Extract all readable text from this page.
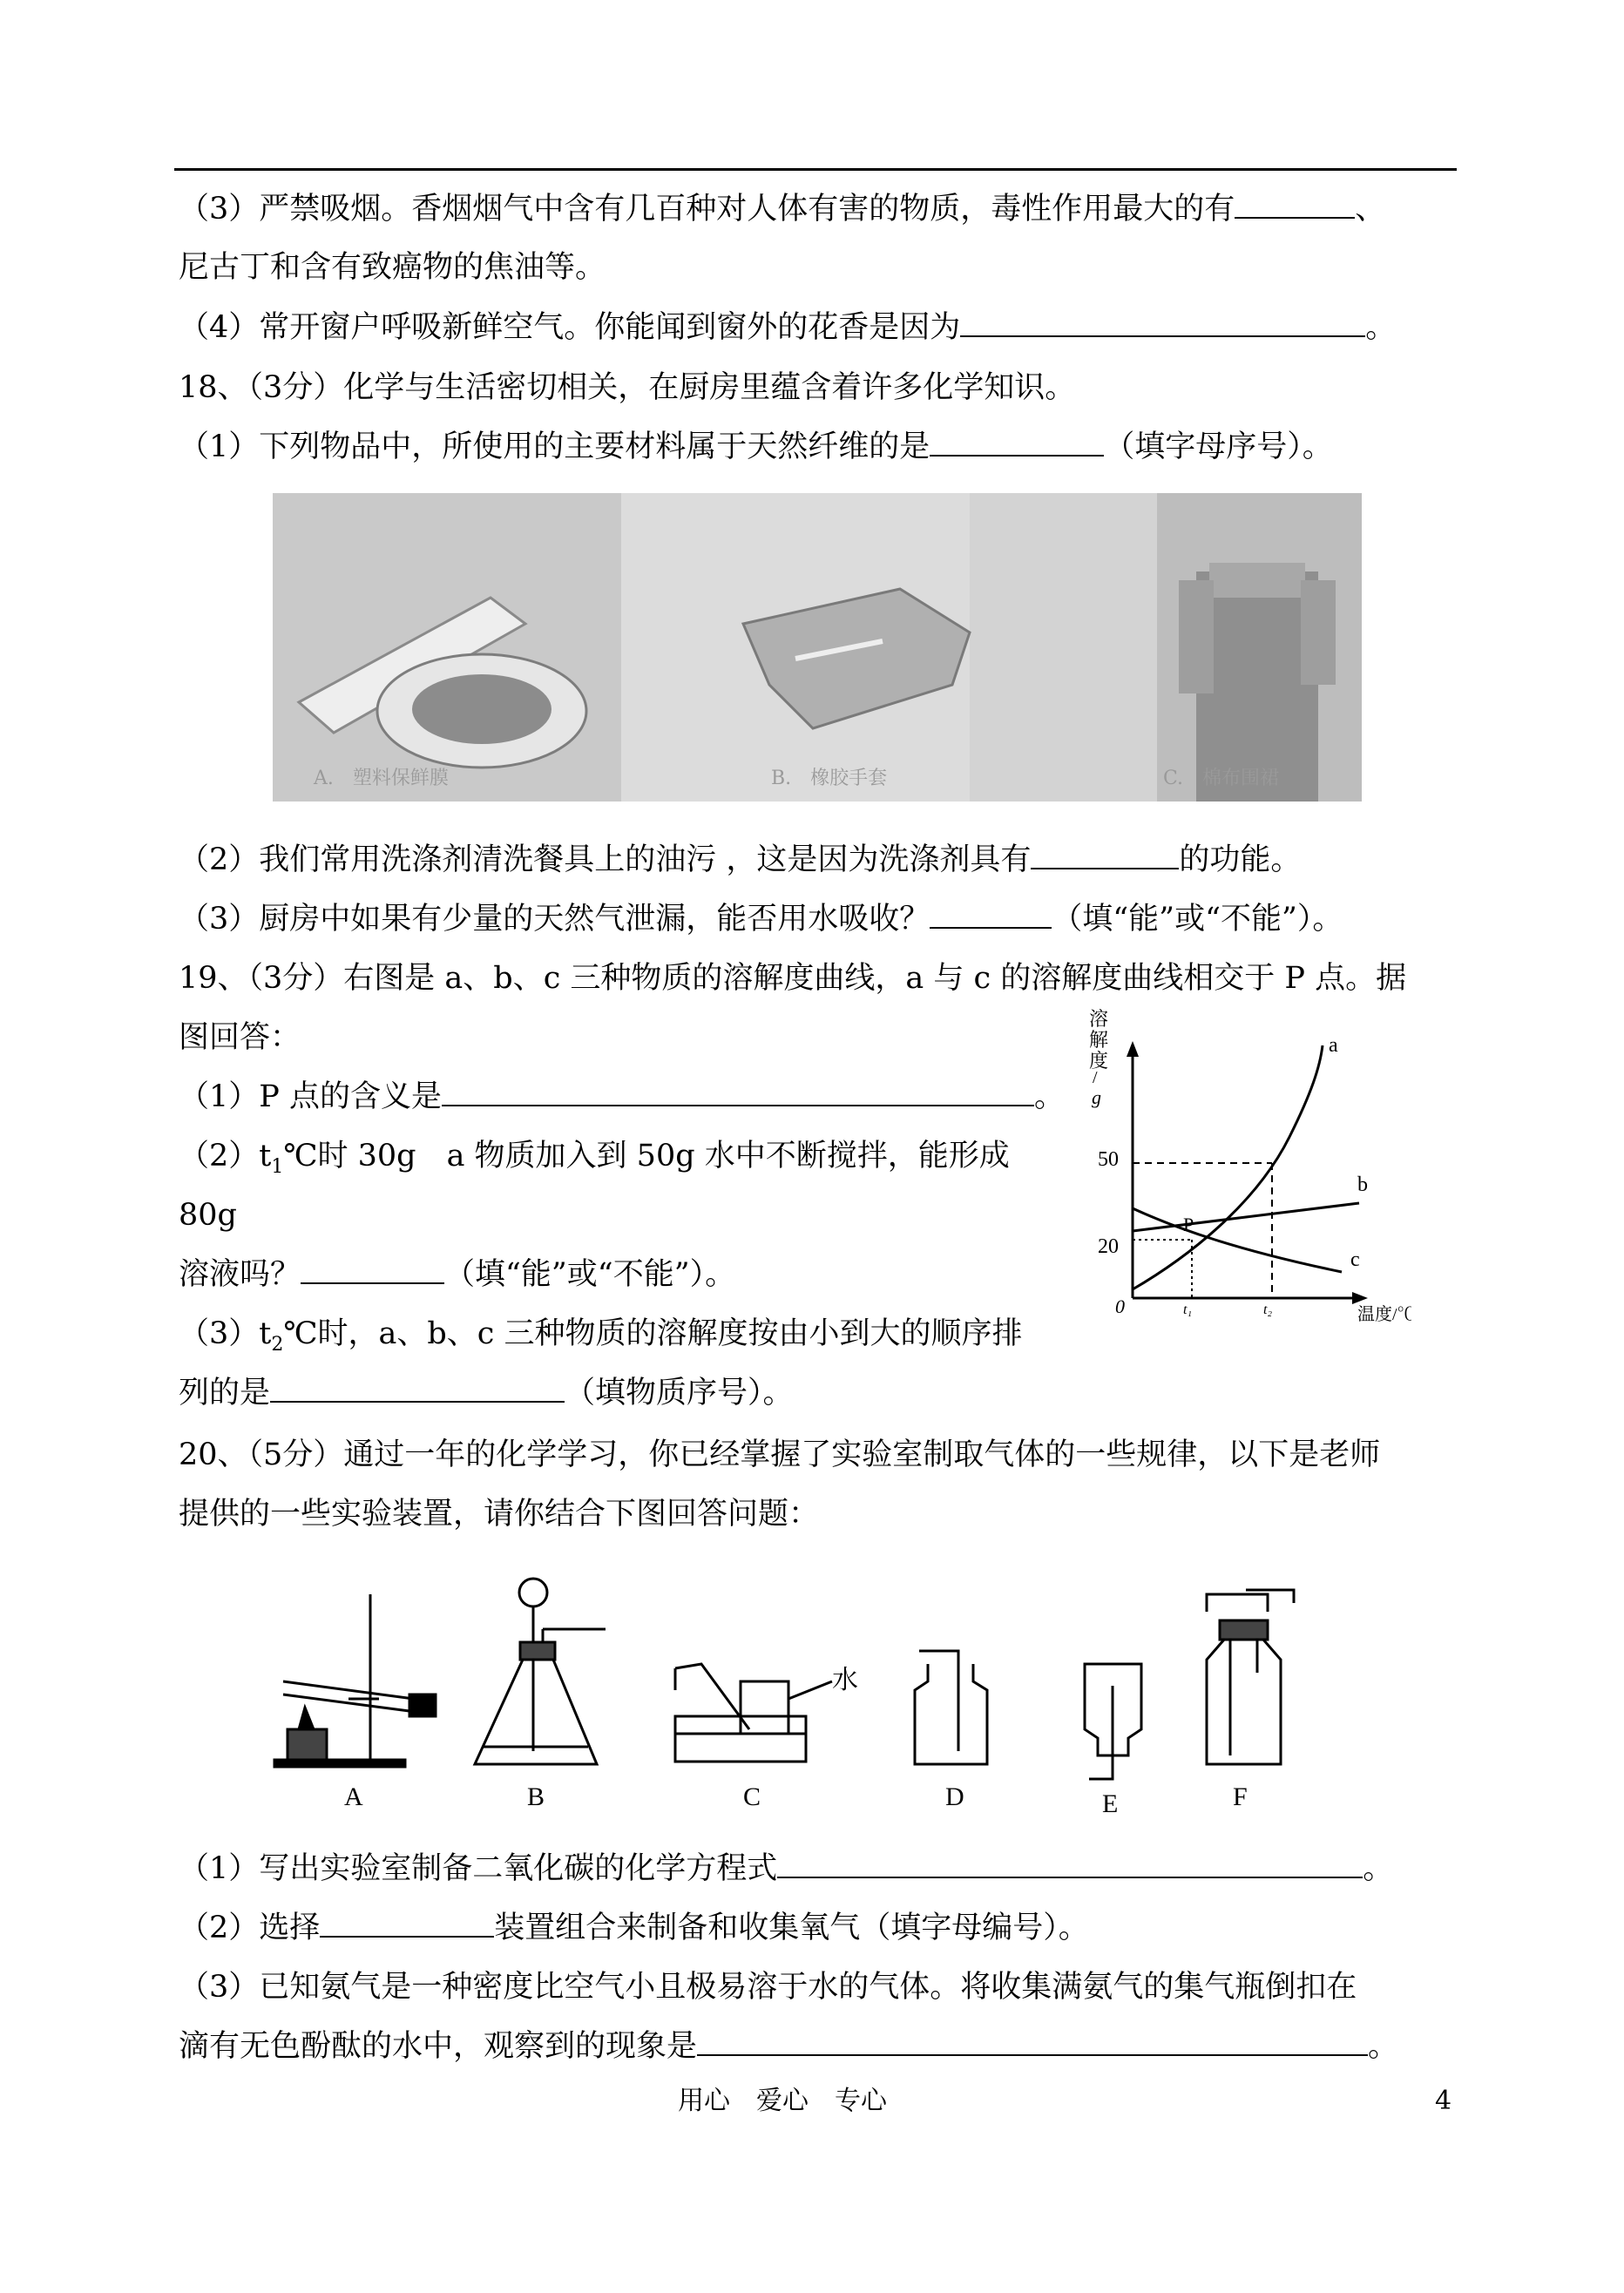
（3）严禁吸烟。香烟烟气中含有几百种对人体有害的物质，毒性作用最大的有	、
尼古丁和含有致癌物的焦油等。
（4）常开窗户呼吸新鲜空气。你能闻到窗外的花香是因为	。
18、（3分）化学与生活密切相关，在厨房里蕴含着许多化学知识。
（1）下列物品中，所使用的主要材料属于天然纤维的是	（填字母序号）。
A.　塑料保鲜膜	B.　橡胶手套	C.　棉布围裙
（2）我们常用洗涤剂清洗餐具上的油污 ，这是因为洗涤剂具有	的功能。
（3）厨房中如果有少量的天然气泄漏，能否用水吸收？	（填“能”或“不能”）。
19、（3分）右图是 a、b、c 三种物质的溶解度曲线，a 与 c 的溶解度曲线相交于 P 点。据
图回答：
（1）P 点的含义是	。
$(2)t_1℃$时 30g　a 物质加入到 50g 水中不断搅拌，能形成
80g
溶液吗？	（填“能”或“不能”）。
$(3)t_2℃$时，a、b、c 三种物质的溶解度按由小到大的顺序排
列的是	（填物质序号）。
溶
解
度
/
g
0
50
20
t₁	t₂	温度/℃
a
b
c
P
20、（5分）通过一年的化学学习，你已经掌握了实验室制取气体的一些规律，以下是老师
提供的一些实验装置，请你结合下图回答问题：
A	B
水
C	D	E	F
（1）写出实验室制备二氧化碳的化学方程式	。
（2）选择	装置组合来制备和收集氧气（填字母编号）。
（3）已知氨气是一种密度比空气小且极易溶于水的气体。将收集满氨气的集气瓶倒扣在
滴有无色酚酞的水中，观察到的现象是	。
用心　爱心　专心	4
